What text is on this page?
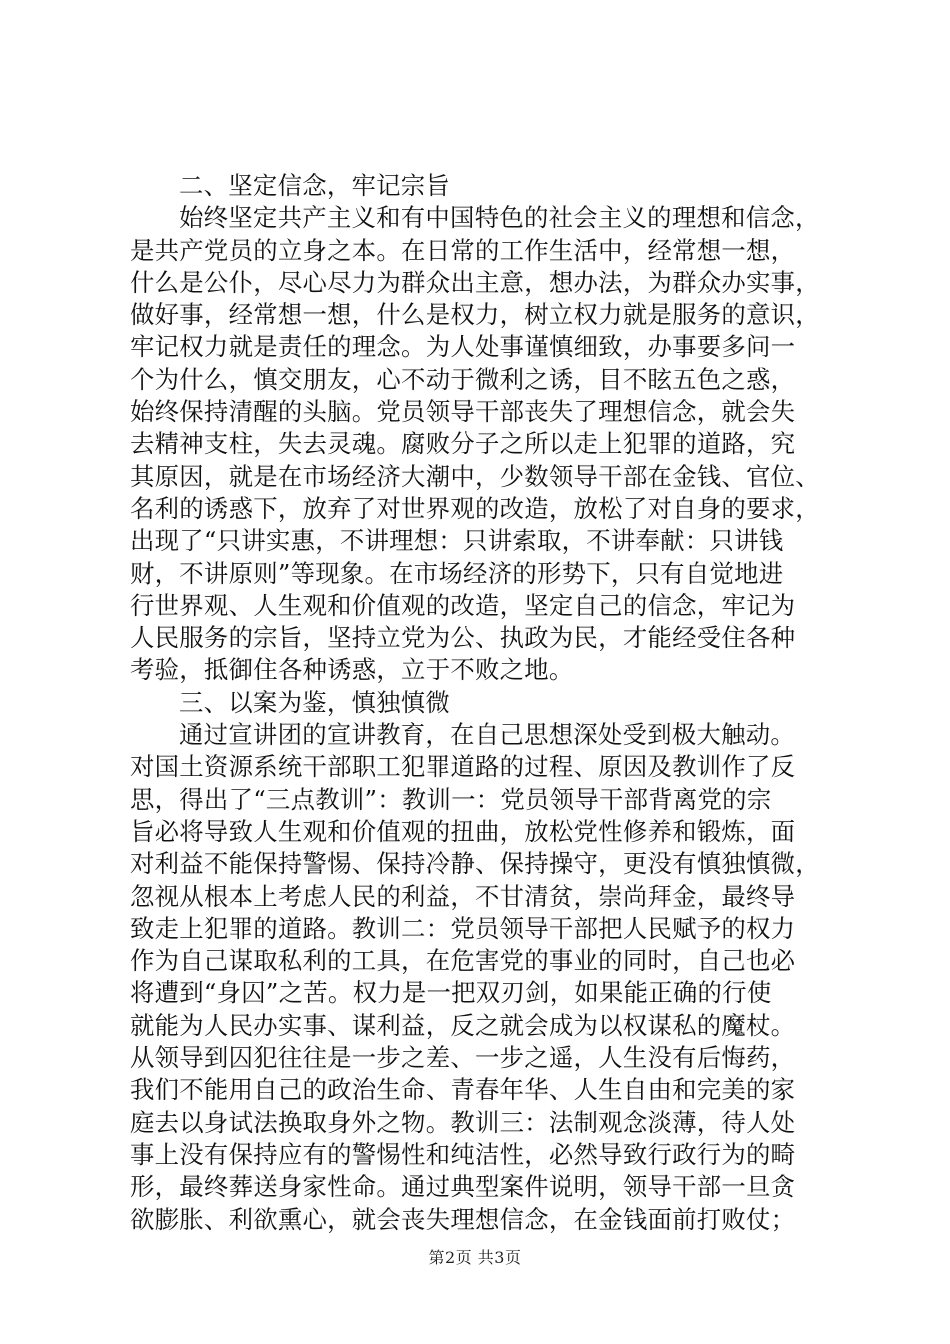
二、坚定信念，牢记宗旨
始终坚定共产主义和有中国特色的社会主义的理想和信念，
是共产党员的立身之本。在日常的工作生活中，经常想一想，
什么是公仆，尽心尽力为群众出主意，想办法，为群众办实事，
做好事，经常想一想，什么是权力，树立权力就是服务的意识，
牢记权力就是责任的理念。为人处事谨慎细致，办事要多问一
个为什么，慎交朋友，心不动于微利之诱，目不眩五色之惑，
始终保持清醒的头脑。党员领导干部丧失了理想信念，就会失
去精神支柱，失去灵魂。腐败分子之所以走上犯罪的道路，究
其原因，就是在市场经济大潮中，少数领导干部在金钱、官位、
名利的诱惑下，放弃了对世界观的改造，放松了对自身的要求，
出现了“只讲实惠，不讲理想：只讲索取，不讲奉献：只讲钱
财，不讲原则”等现象。在市场经济的形势下，只有自觉地进
行世界观、人生观和价值观的改造，坚定自己的信念，牢记为
人民服务的宗旨，坚持立党为公、执政为民，才能经受住各种
考验，抵御住各种诱惑，立于不败之地。
三、以案为鉴，慎独慎微
通过宣讲团的宣讲教育，在自己思想深处受到极大触动。
对国土资源系统干部职工犯罪道路的过程、原因及教训作了反
思，得出了“三点教训”：教训一：党员领导干部背离党的宗
旨必将导致人生观和价值观的扭曲，放松党性修养和锻炼，面
对利益不能保持警惕、保持冷静、保持操守，更没有慎独慎微，
忽视从根本上考虑人民的利益，不甘清贫，崇尚拜金，最终导
致走上犯罪的道路。教训二：党员领导干部把人民赋予的权力
作为自己谋取私利的工具，在危害党的事业的同时，自己也必
将遭到“身囚”之苦。权力是一把双刃剑，如果能正确的行使
就能为人民办实事、谋利益，反之就会成为以权谋私的魔杖。
从领导到囚犯往往是一步之差、一步之遥，人生没有后悔药，
我们不能用自己的政治生命、青春年华、人生自由和完美的家
庭去以身试法换取身外之物。教训三：法制观念淡薄，待人处
事上没有保持应有的警惕性和纯洁性，必然导致行政行为的畸
形，最终葬送身家性命。通过典型案件说明，领导干部一旦贪
欲膨胀、利欲熏心，就会丧失理想信念，在金钱面前打败仗；
第2页 共3页
